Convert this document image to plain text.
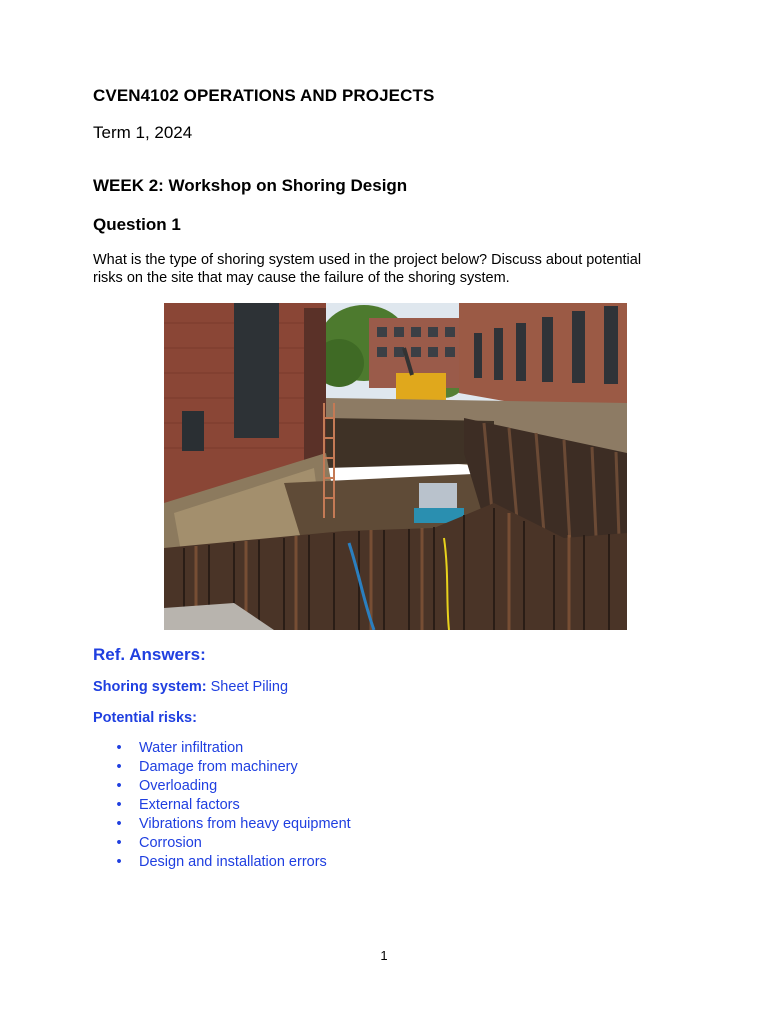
CVEN4102 OPERATIONS AND PROJECTS
Term 1, 2024
WEEK 2: Workshop on Shoring Design
Question 1
What is the type of shoring system used in the project below? Discuss about potential risks on the site that may cause the failure of the shoring system.
Ref. Answers:
Shoring system: Sheet Piling
Potential risks:
• Water infiltration
• Damage from machinery
• Overloading
• External factors
• Vibrations from heavy equipment
• Corrosion
• Design and installation errors
1
